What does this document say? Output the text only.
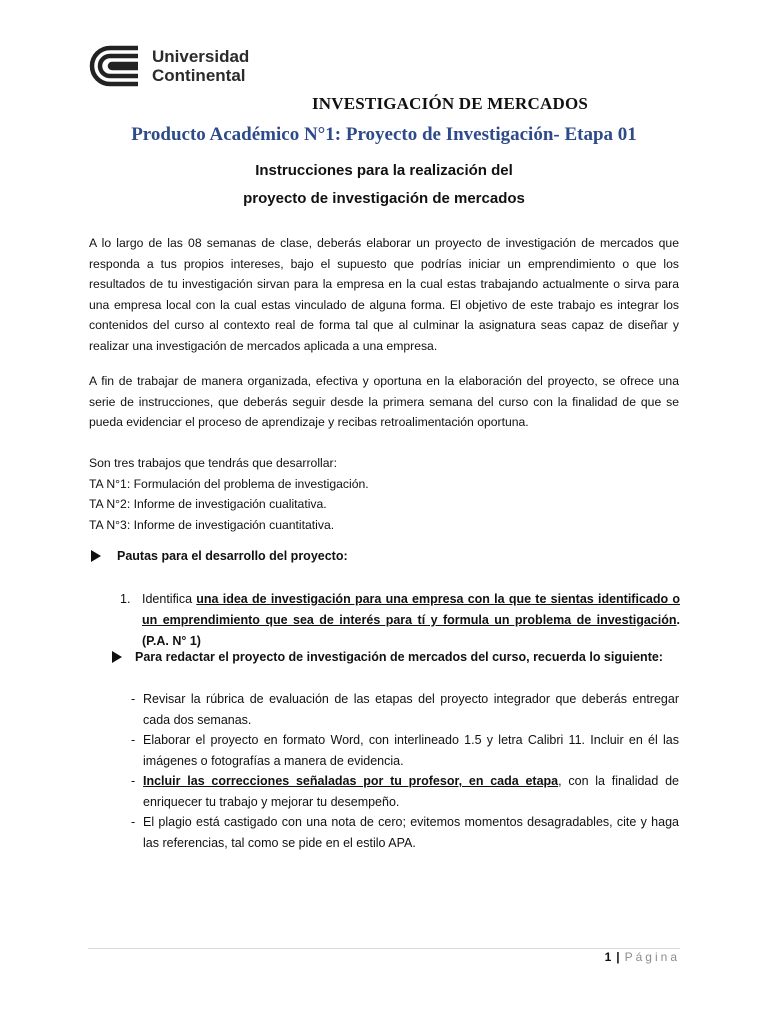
Universidad
Continental
INVESTIGACIÓN DE MERCADOS
Producto Académico N°1: Proyecto de Investigación- Etapa 01
Instrucciones para la realización del
proyecto de investigación de mercados
A lo largo de las 08 semanas de clase, deberás elaborar un proyecto de investigación de mercados que responda a tus propios intereses, bajo el supuesto que podrías iniciar un emprendimiento o que los resultados de tu investigación sirvan para la empresa en la cual estas trabajando actualmente o sirva para una empresa local con la cual estas vinculado de alguna forma. El objetivo de este trabajo es integrar los contenidos del curso al contexto real de forma tal que al culminar la asignatura seas capaz de diseñar y realizar una investigación de mercados aplicada a una empresa.
A fin de trabajar de manera organizada, efectiva y oportuna en la elaboración del proyecto, se ofrece una serie de instrucciones, que deberás seguir desde la primera semana del curso con la finalidad de que se pueda evidenciar el proceso de aprendizaje y recibas retroalimentación oportuna.
Son tres trabajos que tendrás que desarrollar:
TA N°1: Formulación del problema de investigación.
TA N°2: Informe de investigación cualitativa.
TA N°3: Informe de investigación cuantitativa.
Pautas para el desarrollo del proyecto:
1. Identifica una idea de investigación para una empresa con la que te sientas identificado o un emprendimiento que sea de interés para tí y formula un problema de investigación. (P.A. N° 1)
Para redactar el proyecto de investigación de mercados del curso, recuerda lo siguiente:
- Revisar la rúbrica de evaluación de las etapas del proyecto integrador que deberás entregar cada dos semanas.
- Elaborar el proyecto en formato Word, con interlineado 1.5 y letra Calibri 11. Incluir en él las imágenes o fotografías a manera de evidencia.
- Incluir las correcciones señaladas por tu profesor, en cada etapa, con la finalidad de enriquecer tu trabajo y mejorar tu desempeño.
- El plagio está castigado con una nota de cero; evitemos momentos desagradables, cite y haga las referencias, tal como se pide en el estilo APA.
1 | Página
